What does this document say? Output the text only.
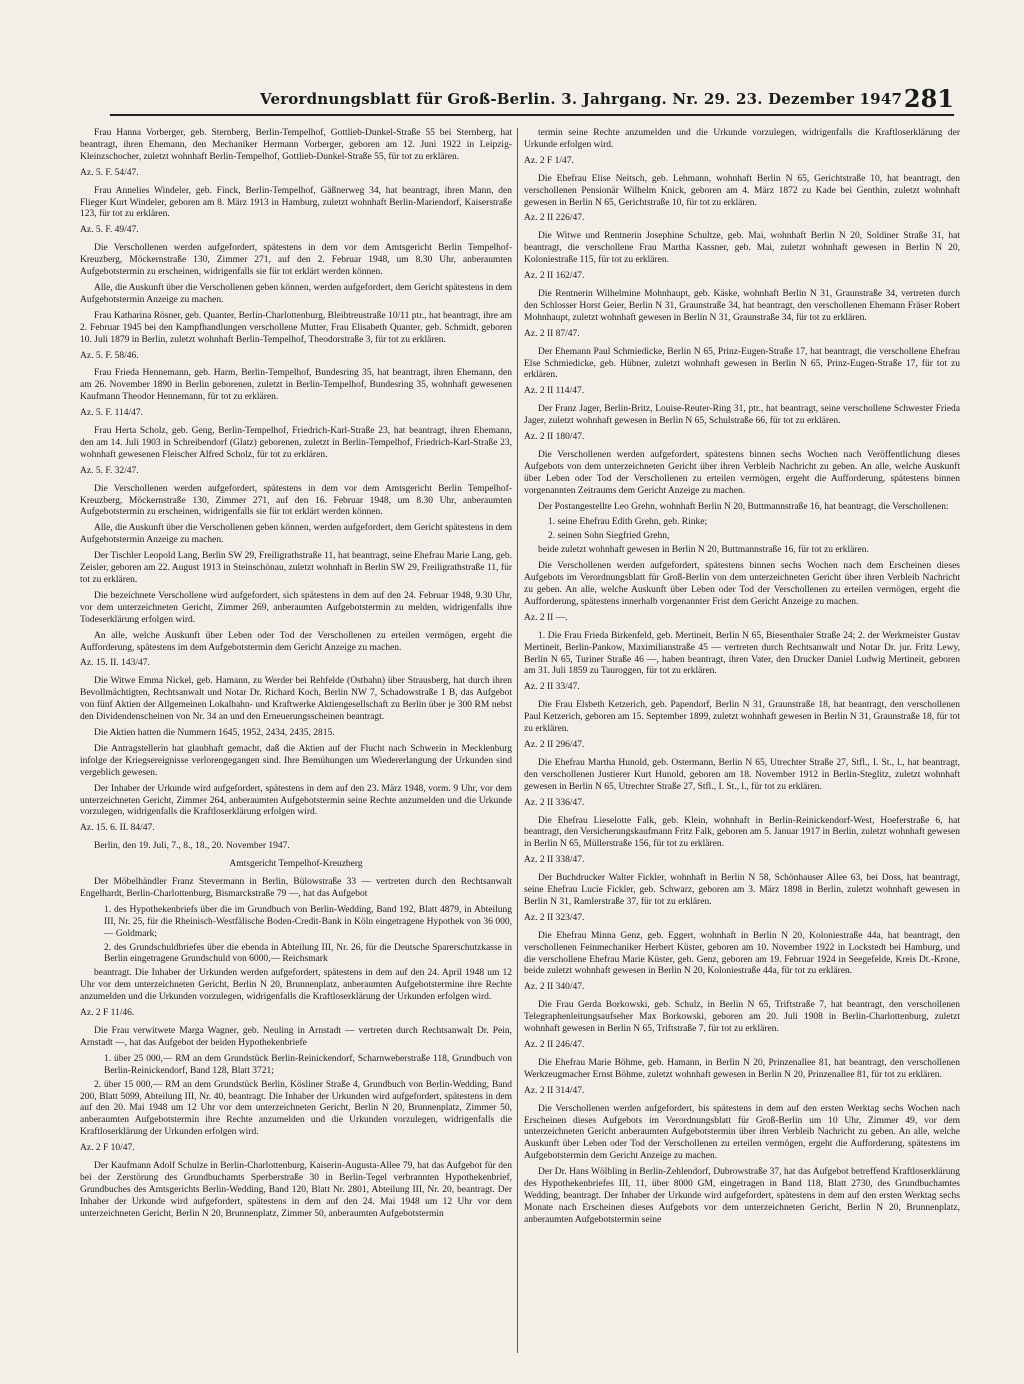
Verordnungsblatt für Groß-Berlin. 3. Jahrgang. Nr. 29. 23. Dezember 1947 281

Frau Hanna Vorberger, geb. Sternberg, Berlin-Tempelhof, Gottlieb-Dunkel-Straße 55 bei Sternberg, hat beantragt, ihren Ehemann, den Mechaniker Hermann Vorberger, geboren am 12. Juni 1922 in Leipzig-Kleinzschocher, zuletzt wohnhaft Berlin-Tempelhof, Gottlieb-Dunkel-Straße 55, für tot zu erklären.

Az. 5. F. 54/47.

Frau Annelies Windeler, geb. Finck, Berlin-Tempelhof, Gäßnerweg 34, hat beantragt, ihren Mann, den Flieger Kurt Windeler, geboren am 8. März 1913 in Hamburg, zuletzt wohnhaft Berlin-Mariendorf, Kaiserstraße 123, für tot zu erklären.

Az. 5. F. 49/47.

Die Verschollenen werden aufgefordert, spätestens in dem vor dem Amtsgericht Berlin Tempelhof-Kreuzberg, Möckernstraße 130, Zimmer 271, auf den 2. Februar 1948, um 8.30 Uhr, anberaumten Aufgebotstermin zu erscheinen, widrigenfalls sie für tot erklärt werden können.

Alle, die Auskunft über die Verschollenen geben können, werden aufgefordert, dem Gericht spätestens in dem Aufgebotstermin Anzeige zu machen.

Frau Katharina Rösner, geb. Quanter, Berlin-Charlottenburg, Bleibtreustraße 10/11 ptr., hat beantragt, ihre am 2. Februar 1945 bei den Kampfhandlungen verschollene Mutter, Frau Elisabeth Quanter, geb. Schmidt, geboren 10. Juli 1879 in Berlin, zuletzt wohnhaft Berlin-Tempelhof, Theodorstraße 3, für tot zu erklären.

Az. 5. F. 58/46.

Frau Frieda Hennemann, geb. Harm, Berlin-Tempelhof, Bundesring 35, hat beantragt, ihren Ehemann, den am 26. November 1890 in Berlin geborenen, zuletzt in Berlin-Tempelhof, Bundesring 35, wohnhaft gewesenen Kaufmann Theodor Hennemann, für tot zu erklären.

Az. 5. F. 114/47.

Frau Herta Scholz, geb. Geng, Berlin-Tempelhof, Friedrich-Karl-Straße 23, hat beantragt, ihren Ehemann, den am 14. Juli 1903 in Schreibendorf (Glatz) geborenen, zuletzt in Berlin-Tempelhof, Friedrich-Karl-Straße 23, wohnhaft gewesenen Fleischer Alfred Scholz, für tot zu erklären.

Az. 5. F. 32/47.

Die Verschollenen werden aufgefordert, spätestens in dem vor dem Amtsgericht Berlin Tempelhof-Kreuzberg, Möckernstraße 130, Zimmer 271, auf den 16. Februar 1948, um 8.30 Uhr, anberaumten Aufgebotstermin zu erscheinen, widrigenfalls sie für tot erklärt werden können.

Alle, die Auskunft über die Verschollenen geben können, werden aufgefordert, dem Gericht spätestens in dem Aufgebotstermin Anzeige zu machen.

Der Tischler Leopold Lang, Berlin SW 29, Freiligrathstraße 11, hat beantragt, seine Ehefrau Marie Lang, geb. Zeisler, geboren am 22. August 1913 in Steinschönau, zuletzt wohnhaft in Berlin SW 29, Freiligrathstraße 11, für tot zu erklären.

Die bezeichnete Verschollene wird aufgefordert, sich spätestens in dem auf den 24. Februar 1948, 9.30 Uhr, vor dem unterzeichneten Gericht, Zimmer 269, anberaumten Aufgebotstermin zu melden, widrigenfalls ihre Todeserklärung erfolgen wird.

An alle, welche Auskunft über Leben oder Tod der Verschollenen zu erteilen vermögen, ergeht die Aufforderung, spätestens im dem Aufgebotstermin dem Gericht Anzeige zu machen.

Az. 15. II. 143/47.

Die Witwe Emma Nickel, geb. Hamann, zu Werder bei Rehfelde (Ostbahn) über Strausberg, hat durch ihren Bevollmächtigten, Rechtsanwalt und Notar Dr. Richard Koch, Berlin NW 7, Schadowstraße 1 B, das Aufgebot von fünf Aktien der Allgemeinen Lokalbahn- und Kraftwerke Aktiengesellschaft zu Berlin über je 300 RM nebst den Dividendenscheinen von Nr. 34 an und den Erneuerungsscheinen beantragt.

Die Aktien hatten die Nummern 1645, 1952, 2434, 2435, 2815.

Die Antragstellerin hat glaubhaft gemacht, daß die Aktien auf der Flucht nach Schwerin in Mecklenburg infolge der Kriegsereignisse verlorengegangen sind. Ihre Bemühungen um Wiedererlangung der Urkunden sind vergeblich gewesen.

Der Inhaber der Urkunde wird aufgefordert, spätestens in dem auf den 23. März 1948, vorm. 9 Uhr, vor dem unterzeichneten Gericht, Zimmer 264, anberaumten Aufgebotstermin seine Rechte anzumelden und die Urkunde vorzulegen, widrigenfalls die Kraftloserklärung erfolgen wird.

Az. 15. 6. II. 84/47.

Berlin, den 19. Juli, 7., 8., 18., 20. November 1947.

Amtsgericht Tempelhof-Kreuzberg

Der Möbelhändler Franz Stevermann in Berlin, Bülowstraße 33 — vertreten durch den Rechtsanwalt Engelhardt, Berlin-Charlottenburg, Bismarckstraße 79 —, hat das Aufgebot

1. des Hypothekenbriefs über die im Grundbuch von Berlin-Wedding, Band 192, Blatt 4879, in Abteilung III, Nr. 25, für die Rheinisch-Westfälische Boden-Credit-Bank in Köln eingetragene Hypothek von 36 000,— Goldmark;

2. des Grundschuldbriefes über die ebenda in Abteilung III, Nr. 26, für die Deutsche Sparerschutzkasse in Berlin eingetragene Grundschuld von 6000,— Reichsmark

beantragt. Die Inhaber der Urkunden werden aufgefordert, spätestens in dem auf den 24. April 1948 um 12 Uhr vor dem unterzeichneten Gericht, Berlin N 20, Brunnenplatz, anberaumten Aufgebotstermine ihre Rechte anzumelden und die Urkunden vorzulegen, widrigenfalls die Kraftloserklärung der Urkunden erfolgen wird.

Az. 2 F 11/46.

Die Frau verwitwete Marga Wagner, geb. Neuling in Arnstadt — vertreten durch Rechtsanwalt Dr. Pein, Arnstadt —, hat das Aufgebot der beiden Hypothekenbriefe

1. über 25 000,— RM an dem Grundstück Berlin-Reinickendorf, Scharnweberstraße 118, Grundbuch von Berlin-Reinickendorf, Band 128, Blatt 3721;

2. über 15 000,— RM an dem Grundstück Berlin, Kösliner Straße 4, Grundbuch von Berlin-Wedding, Band 200, Blatt 5099, Abteilung III, Nr. 40, beantragt. Die Inhaber der Urkunden wird aufgefordert, spätestens in dem auf den 20. Mai 1948 um 12 Uhr vor dem unterzeichneten Gericht, Berlin N 20, Brunnenplatz, Zimmer 50, anberaumten Aufgebotstermin ihre Rechte anzumelden und die Urkunden vorzulegen, widrigenfalls die Kraftloserklärung der Urkunden erfolgen wird.

Az. 2 F 10/47.

Der Kaufmann Adolf Schulze in Berlin-Charlottenburg, Kaiserin-Augusta-Allee 79, hat das Aufgebot für den bei der Zerstörung des Grundbuchamts Sperberstraße 30 in Berlin-Tegel verbrannten Hypothekenbrief, Grundbuches des Amtsgerichts Berlin-Wedding, Band 120, Blatt Nr. 2801, Abteilung III, Nr. 20, beantragt. Der Inhaber der Urkunde wird aufgefordert, spätestens in dem auf den 24. Mai 1948 um 12 Uhr vor dem unterzeichneten Gericht, Berlin N 20, Brunnenplatz, Zimmer 50, anberaumten Aufgebotstermin

termin seine Rechte anzumelden und die Urkunde vorzulegen, widrigenfalls die Kraftloserklärung der Urkunde erfolgen wird.

Az. 2 F 1/47.

Die Ehefrau Elise Neitsch, geb. Lehmann, wohnhaft Berlin N 65, Gerichtstraße 10, hat beantragt, den verschollenen Pensionär Wilhelm Knick, geboren am 4. März 1872 zu Kade bei Genthin, zuletzt wohnhaft gewesen in Berlin N 65, Gerichtstraße 10, für tot zu erklären.

Az. 2 II 226/47.

Die Witwe und Rentnerin Josephine Schultze, geb. Mai, wohnhaft Berlin N 20, Soldiner Straße 31, hat beantragt, die verschollene Frau Martha Kassner, geb. Mai, zuletzt wohnhaft gewesen in Berlin N 20, Koloniestraße 115, für tot zu erklären.

Az. 2 II 162/47.

Die Rentnerin Wilhelmine Mohnhaupt, geb. Käske, wohnhaft Berlin N 31, Graunstraße 34, vertreten durch den Schlosser Horst Geier, Berlin N 31, Graunstraße 34, hat beantragt, den verschollenen Ehemann Fräser Robert Mohnhaupt, zuletzt wohnhaft gewesen in Berlin N 31, Graunstraße 34, für tot zu erklären.

Az. 2 II 87/47.

Der Ehemann Paul Schmiedicke, Berlin N 65, Prinz-Eugen-Straße 17, hat beantragt, die verschollene Ehefrau Else Schmiedicke, geb. Hübner, zuletzt wohnhaft gewesen in Berlin N 65, Prinz-Eugen-Straße 17, für tot zu erklären.

Az. 2 II 114/47.

Der Franz Jager, Berlin-Britz, Louise-Reuter-Ring 31, ptr., hat beantragt, seine verschollene Schwester Frieda Jager, zuletzt wohnhaft gewesen in Berlin N 65, Schulstraße 66, für tot zu erklären.

Az. 2 II 180/47.

Die Verschollenen werden aufgefordert, spätestens binnen sechs Wochen nach Veröffentlichung dieses Aufgebots von dem unterzeichneten Gericht über ihren Verbleib Nachricht zu geben. An alle, welche Auskunft über Leben oder Tod der Verschollenen zu erteilen vermögen, ergeht die Aufforderung, spätestens binnen vorgenannten Zeitraums dem Gericht Anzeige zu machen.

Der Postangestellte Leo Grehn, wohnhaft Berlin N 20, Buttmannstraße 16, hat beantragt, die Verschollenen:

1. seine Ehefrau Edith Grehn, geb. Rinke;

2. seinen Sohn Siegfried Grehn,

beide zuletzt wohnhaft gewesen in Berlin N 20, Buttmannstraße 16, für tot zu erklären.

Die Verschollenen werden aufgefordert, spätestens binnen sechs Wochen nach dem Erscheinen dieses Aufgebots im Verordnungsblatt für Groß-Berlin von dem unterzeichneten Gericht über ihren Verbleib Nachricht zu geben. An alle, welche Auskunft über Leben oder Tod der Verschollenen zu erteilen vermögen, ergeht die Aufforderung, spätestens innerhalb vorgenannter Frist dem Gericht Anzeige zu machen.

Az. 2 II —.

1. Die Frau Frieda Birkenfeld, geb. Mertineit, Berlin N 65, Biesenthaler Straße 24; 2. der Werkmeister Gustav Mertineit, Berlin-Pankow, Maximilianstraße 45 — vertreten durch Rechtsanwalt und Notar Dr. jur. Fritz Lewy, Berlin N 65, Turiner Straße 46 —, haben beantragt, ihren Vater, den Drucker Daniel Ludwig Mertineit, geboren am 31. Juli 1859 zu Tauroggen, für tot zu erklären.

Az. 2 II 33/47.

Die Frau Elsbeth Ketzerich, geb. Papendorf, Berlin N 31, Graunstraße 18, hat beantragt, den verschollenen Paul Ketzerich, geboren am 15. September 1899, zuletzt wohnhaft gewesen in Berlin N 31, Graunstraße 18, für tot zu erklären.

Az. 2 II 296/47.

Die Ehefrau Martha Hunold, geb. Ostermann, Berlin N 65, Utrechter Straße 27, Stfl., I. St., l., hat beantragt, den verschollenen Justierer Kurt Hunold, geboren am 18. November 1912 in Berlin-Steglitz, zuletzt wohnhaft gewesen in Berlin N 65, Utrechter Straße 27, Stfl., I. St., l., für tot zu erklären.

Az. 2 II 336/47.

Die Ehefrau Lieselotte Falk, geb. Klein, wohnhaft in Berlin-Reinickendorf-West, Hoeferstraße 6, hat beantragt, den Versicherungskaufmann Fritz Falk, geboren am 5. Januar 1917 in Berlin, zuletzt wohnhaft gewesen in Berlin N 65, Müllerstraße 156, für tot zu erklären.

Az. 2 II 338/47.

Der Buchdrucker Walter Fickler, wohnhaft in Berlin N 58, Schönhauser Allee 63, bei Doss, hat beantragt, seine Ehefrau Lucie Fickler, geb. Schwarz, geboren am 3. März 1898 in Berlin, zuletzt wohnhaft gewesen in Berlin N 31, Ramlerstraße 37, für tot zu erklären.

Az. 2 II 323/47.

Die Ehefrau Minna Genz, geb. Eggert, wohnhaft in Berlin N 20, Koloniestraße 44a, hat beantragt, den verschollenen Feinmechaniker Herbert Küster, geboren am 10. November 1922 in Lockstedt bei Hamburg, und die verschollene Ehefrau Marie Küster, geb. Genz, geboren am 19. Februar 1924 in Seegefelde, Kreis Dt.-Krone, beide zuletzt wohnhaft gewesen in Berlin N 20, Koloniestraße 44a, für tot zu erklären.

Az. 2 II 340/47.

Die Frau Gerda Borkowski, geb. Schulz, in Berlin N 65, Triftstraße 7, hat beantragt, den verschollenen Telegraphenleitungsaufseher Max Borkowski, geboren am 20. Juli 1908 in Berlin-Charlottenburg, zuletzt wohnhaft gewesen in Berlin N 65, Triftstraße 7, für tot zu erklären.

Az. 2 II 246/47.

Die Ehefrau Marie Böhme, geb. Hamann, in Berlin N 20, Prinzenallee 81, hat beantragt, den verschollenen Werkzeugmacher Ernst Böhme, zuletzt wohnhaft gewesen in Berlin N 20, Prinzenallee 81, für tot zu erklären.

Az. 2 II 314/47.

Die Verschollenen werden aufgefordert, bis spätestens in dem auf den ersten Werktag sechs Wochen nach Erscheinen dieses Aufgebots im Verordnungsblatt für Groß-Berlin um 10 Uhr, Zimmer 49, vor dem unterzeichneten Gericht anberaumten Aufgebotstermin über ihren Verbleib Nachricht zu geben. An alle, welche Auskunft über Leben oder Tod der Verschollenen zu erteilen vermögen, ergeht die Aufforderung, spätestens im Aufgebotstermin dem Gericht Anzeige zu machen.

Der Dr. Hans Wölbling in Berlin-Zehlendorf, Dubrowstraße 37, hat das Aufgebot betreffend Kraftloserklärung des Hypothekenbriefes III, 11, über 8000 GM, eingetragen in Band 118, Blatt 2730, des Grundbuchamtes Wedding, beantragt. Der Inhaber der Urkunde wird aufgefordert, spätestens in dem auf den ersten Werktag sechs Monate nach Erscheinen dieses Aufgebots vor dem unterzeichneten Gericht, Berlin N 20, Brunnenplatz, anberaumten Aufgebotstermin seine
